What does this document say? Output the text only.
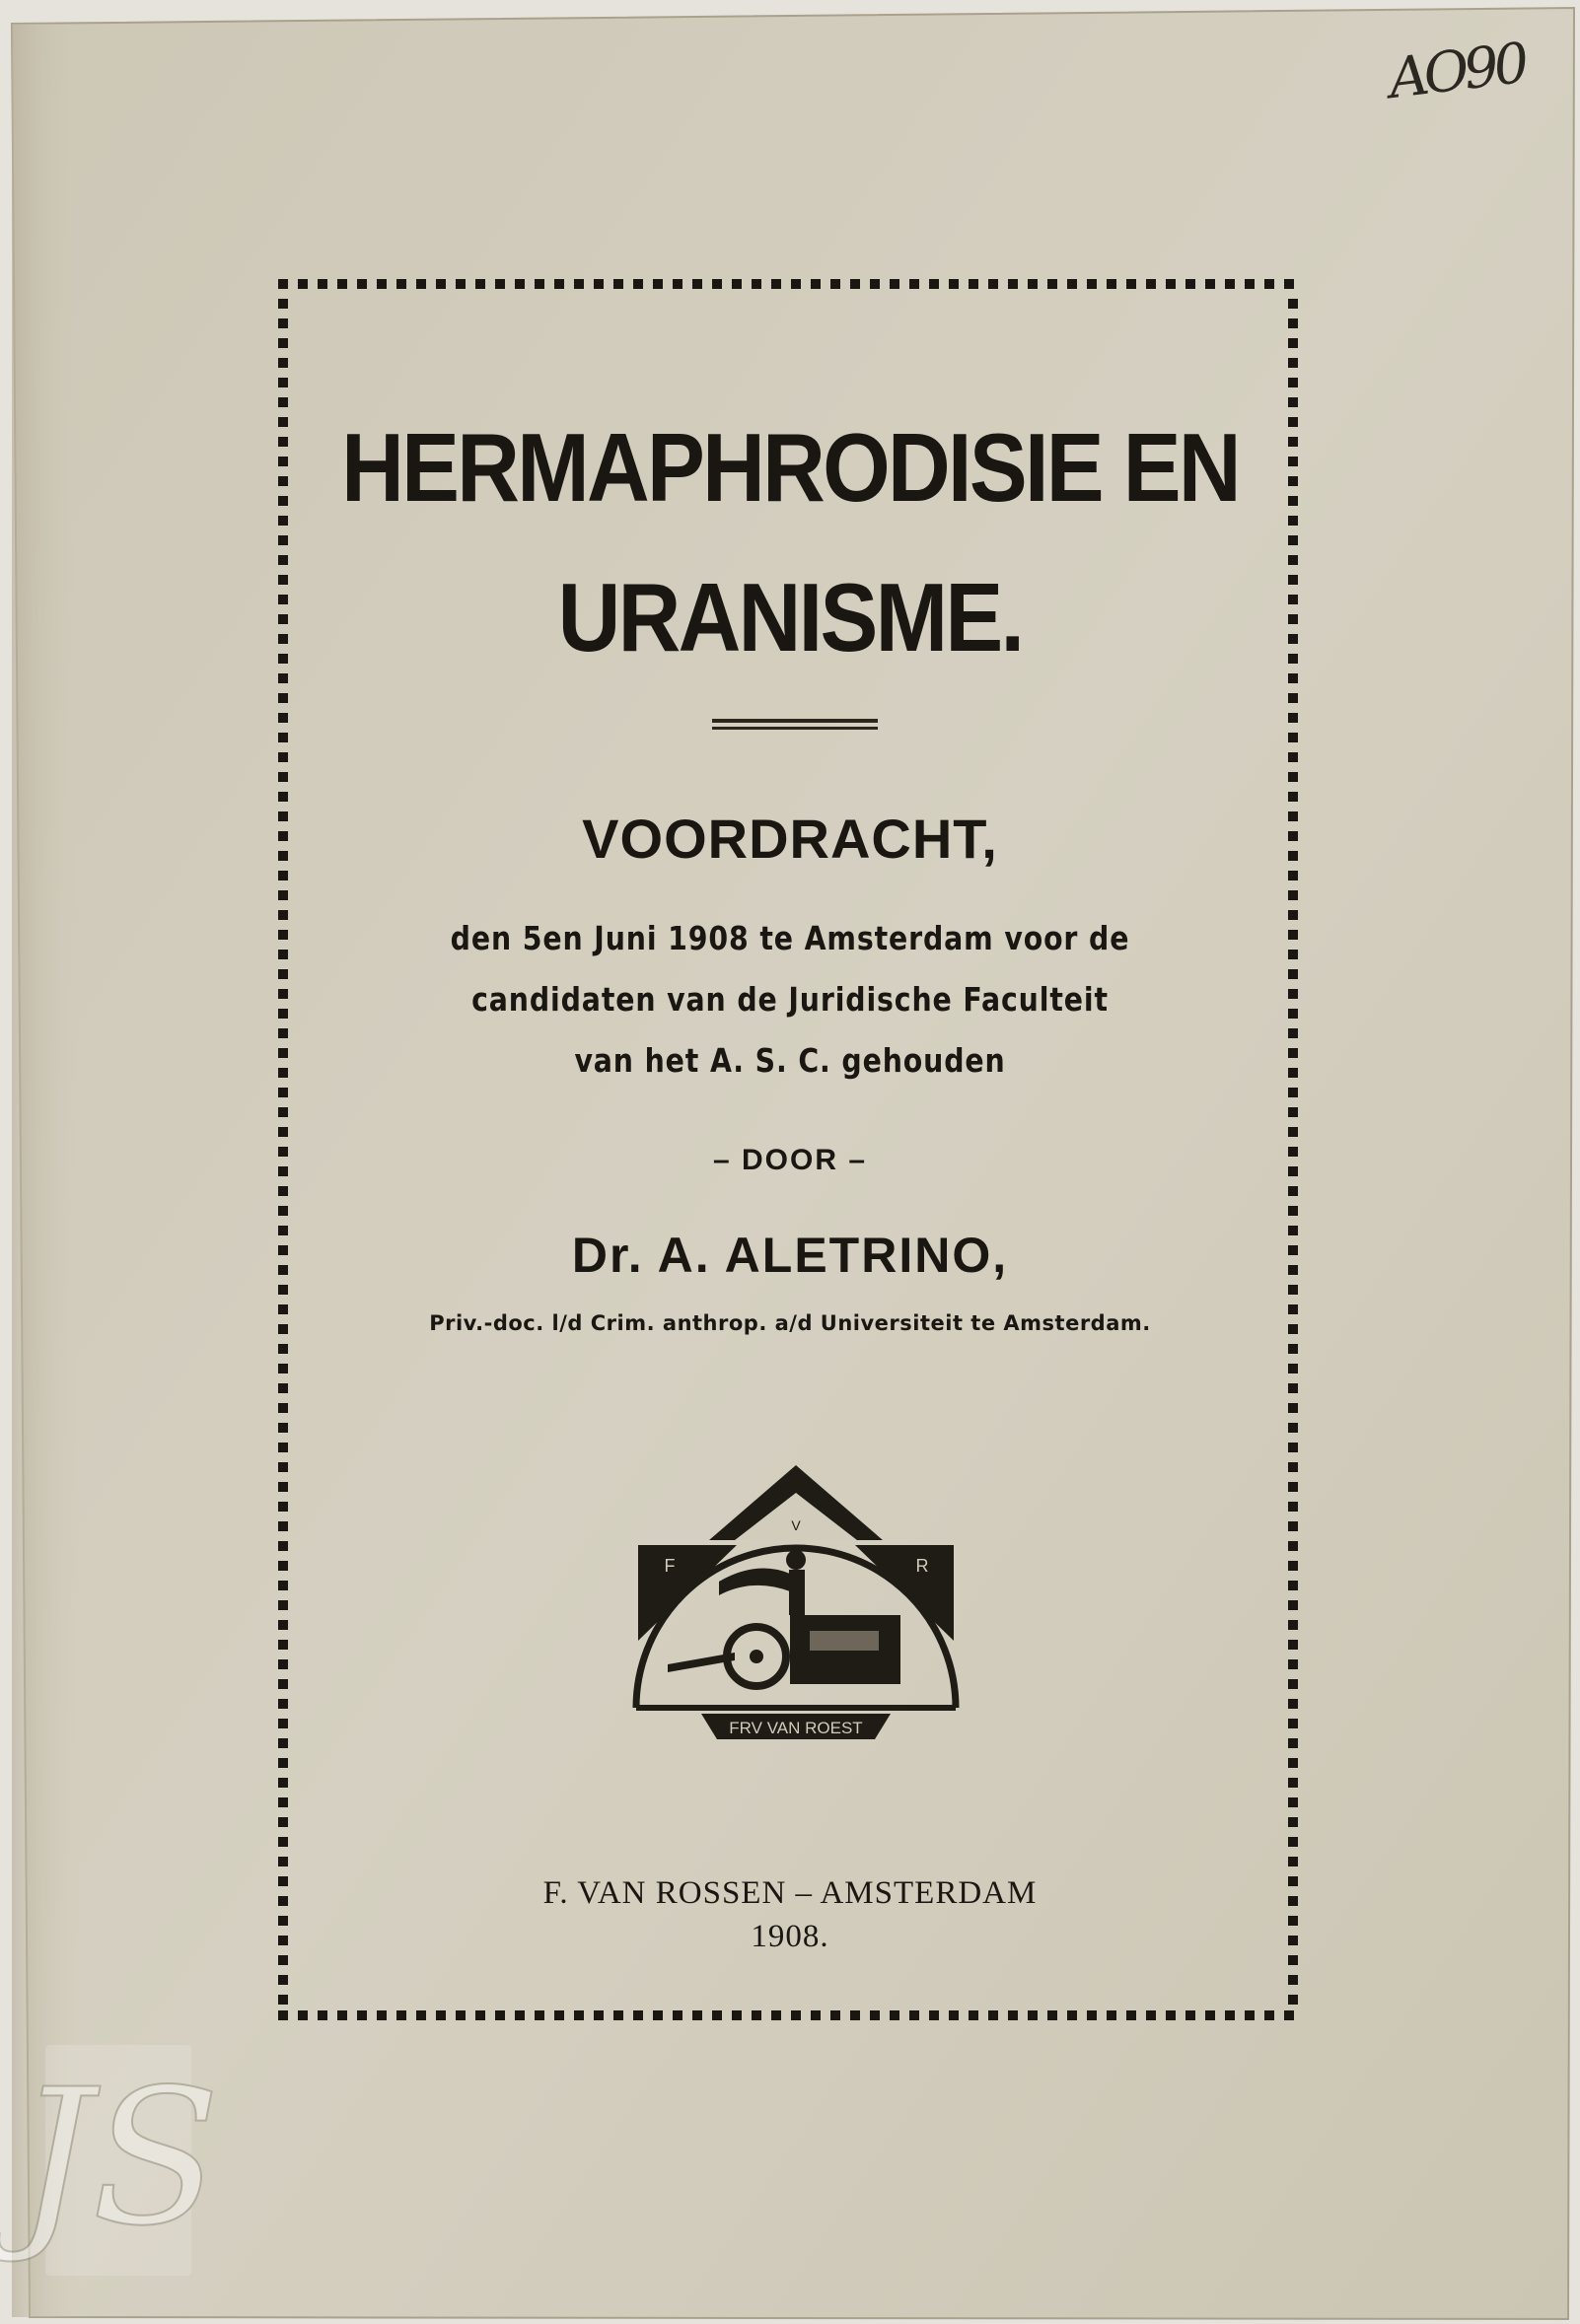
FRV VAN ROEST
F
V
R
JS
AO90
HERMAPHRODISIE EN
URANISME.
VOORDRACHT,
den 5en Juni 1908 te Amsterdam voor de
candidaten van de Juridische Faculteit
van het A. S. C. gehouden
– DOOR –
Dr. A. ALETRINO,
Priv.-doc. l/d Crim. anthrop. a/d Universiteit te Amsterdam.
F. VAN ROSSEN – AMSTERDAM
1908.
